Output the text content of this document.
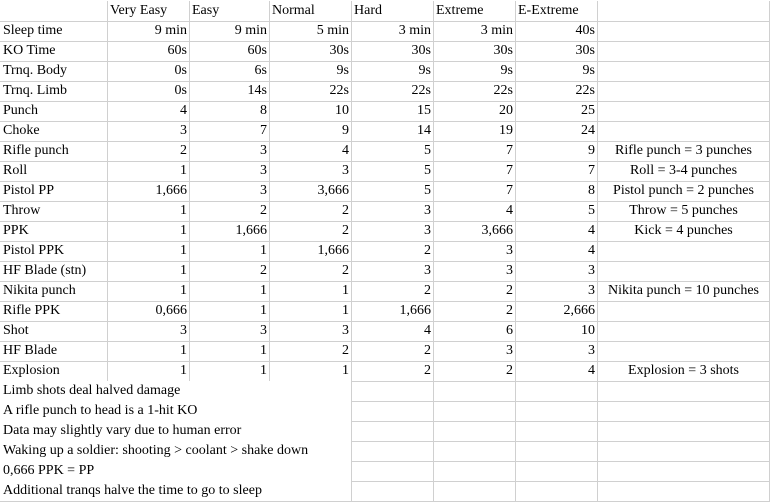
Very Easy	Easy	Normal	Hard	Extreme	E-Extreme
Sleep time	9 min	9 min	5 min	3 min	3 min	40s
KO Time	60s	60s	30s	30s	30s	30s
Trnq. Body	0s	6s	9s	9s	9s	9s
Trnq. Limb	0s	14s	22s	22s	22s	22s
Punch	4	8	10	15	20	25
Choke	3	7	9	14	19	24
Rifle punch	2	3	4	5	7	9	Rifle punch = 3 punches
Roll	1	3	3	5	7	7	Roll = 3-4 punches
Pistol PP	1,666	3	3,666	5	7	8	Pistol punch = 2 punches
Throw	1	2	2	3	4	5	Throw = 5 punches
PPK	1	1,666	2	3	3,666	4	Kick = 4 punches
Pistol PPK	1	1	1,666	2	3	4
HF Blade (stn)	1	2	2	3	3	3
Nikita punch	1	1	1	2	2	3 Nikita punch = 10 punches
Rifle PPK	0,666	1	1	1,666	2	2,666
Shot	3	3	3	4	6	10
HF Blade	1	1	2	2	3	3
Explosion	1	1	1	2	2	4	Explosion = 3 shots
Limb shots deal halved damage
A rifle punch to head is a 1-hit KO
Data may slightly vary due to human error
Waking up a soldier: shooting > coolant > shake down
0,666 PPK = PP
Additional tranqs halve the time to go to sleep
